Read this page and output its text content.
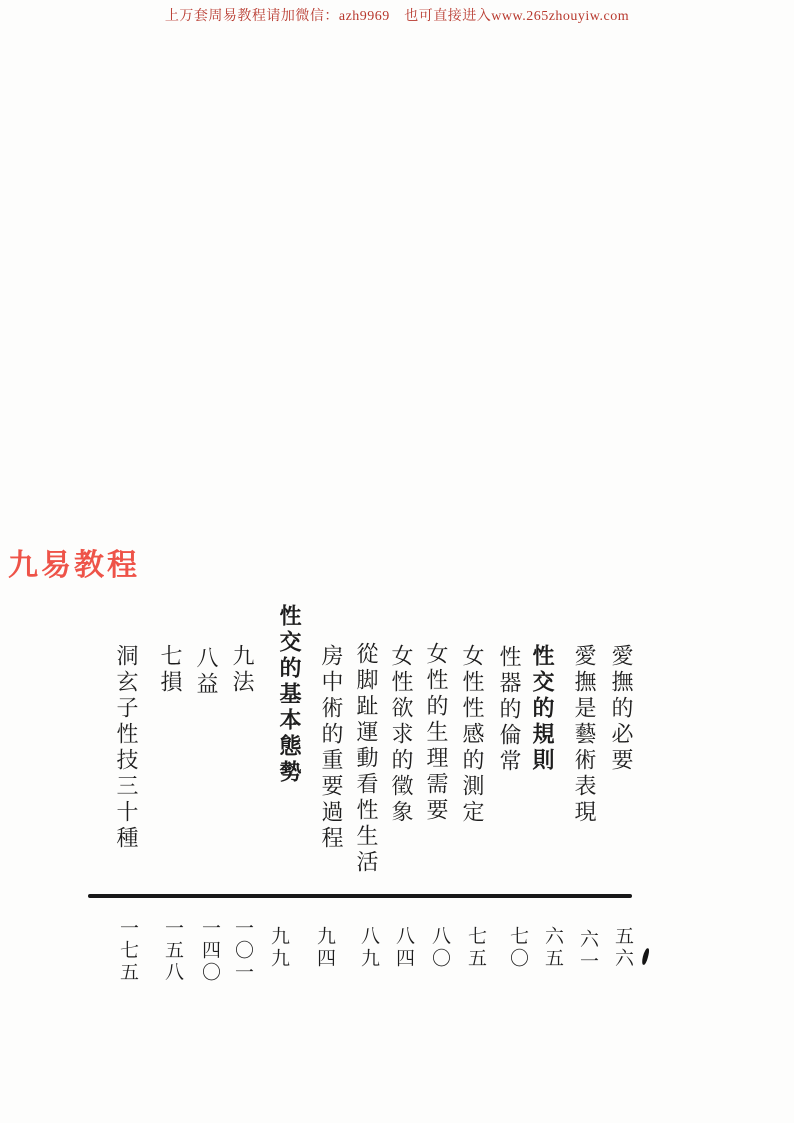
上万套周易教程请加微信：azh9969　也可直接进入www.265zhouyiw.com
九易教程
愛撫的必要
愛撫是藝術表現
性交的規則
性器的倫常
女性性感的測定
女性的生理需要
女性欲求的徵象
從脚趾運動看性生活
房中術的重要過程
性交的基本態勢
九法
八益
七損
洞玄子性技三十種
五六
六一
六五
七〇
七五
八〇
八四
八九
九四
九九
一〇一
一四〇
一五八
一七五
